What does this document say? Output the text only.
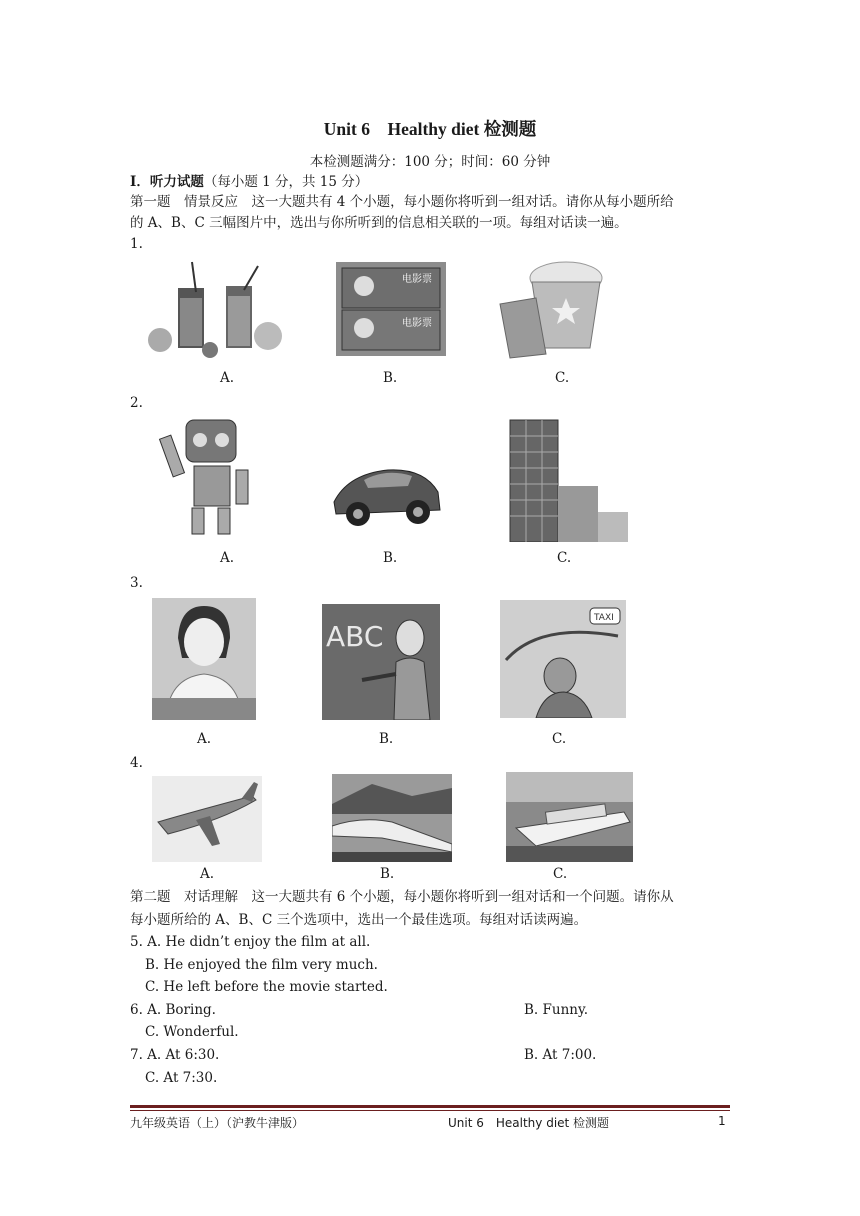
Unit 6　Healthy diet 检测题
本检测题满分：100 分；时间：60 分钟
Ⅰ．听力试题（每小题 1 分，共 15 分）
第一题　情景反应　这一大题共有 4 个小题，每小题你将听到一组对话。请你从每小题所给
的 A、B、C 三幅图片中，选出与你所听到的信息相关联的一项。每组对话读一遍。
1.
电影票
电影票
A.	B.	C.
2.
A.	B.	C.
3.
ABC
TAXI
A.	B.	C.
4.
A.	B.	C.
第二题　对话理解　这一大题共有 6 个小题，每小题你将听到一组对话和一个问题。请你从
每小题所给的 A、B、C 三个选项中，选出一个最佳选项。每组对话读两遍。
5. A. He didn’t enjoy the film at all.
B. He enjoyed the film very much.
C. He left before the movie started.
6. A. Boring.	B. Funny.
C. Wonderful.
7. A. At 6:30.	B. At 7:00.
C. At 7:30.
九年级英语（上）（沪教牛津版）	Unit 6　Healthy diet 检测题	1
